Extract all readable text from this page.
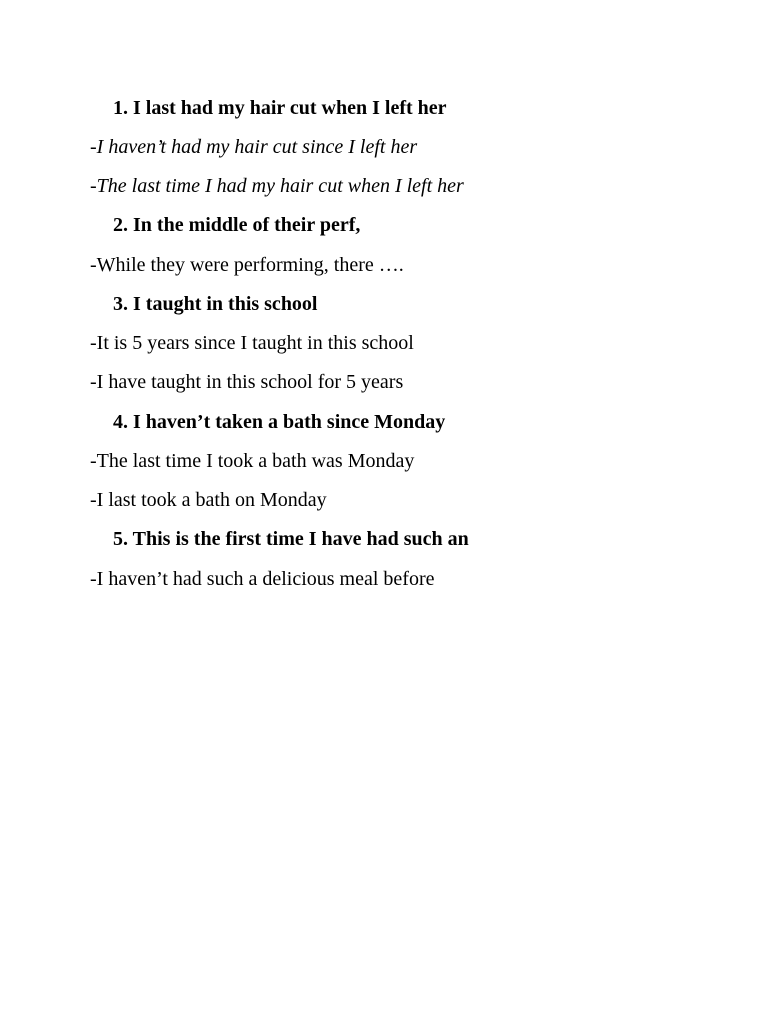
1 . I last had my hair cut when I left her
-I haven’t had my hair cut since I left her
-The last time I had my hair cut when I left her
2 . In the middle of their perf,
-While they were performing, there ….
3 . I taught in this school
-It is 5 years since I taught in this school
-I have taught in this school for 5 years
4 . I haven’t taken a bath since Monday
-The last time I took a bath was Monday
-I last took a bath on Monday
5 . This is the first time I have had such an
-I haven’t had such a delicious meal before
